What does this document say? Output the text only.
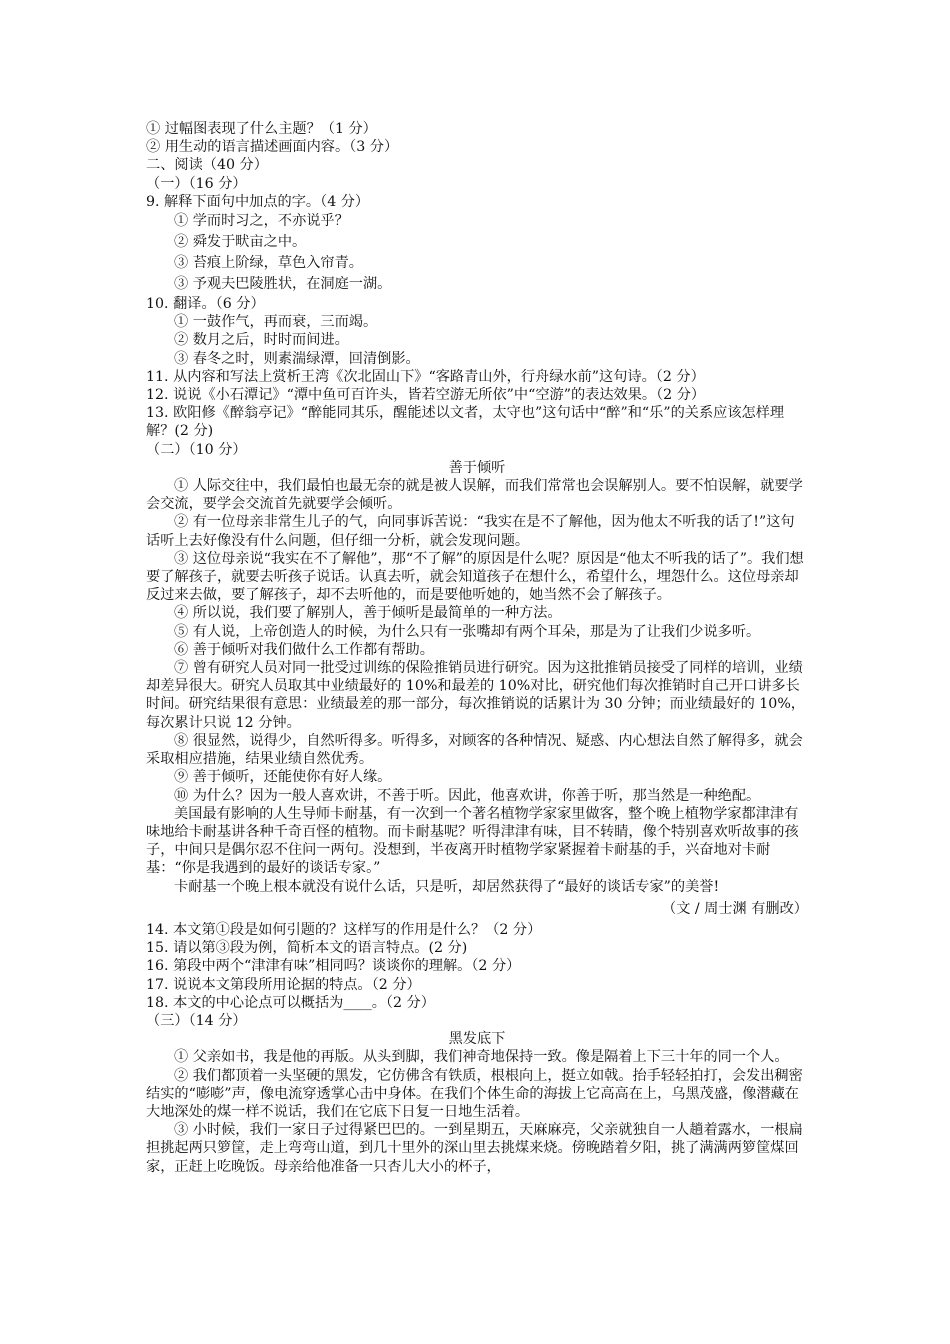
① 过幅图表现了什么主题？（1 分）
② 用生动的语言描述画面内容。（3 分）
二、阅读（40 分）
（一）（16 分）
9. 解释下面句中加点的字。（4 分）
① 学而时习之，不亦说乎？
② 舜发于畎亩之中。
③ 苔痕上阶绿，草色入帘青。
③ 予观夫巴陵胜状，在洞庭一湖。
10. 翻译。（6 分）
① 一鼓作气，再而衰，三而竭。
② 数月之后，时时而间进。
③ 春冬之时，则素湍绿潭，回清倒影。
11. 从内容和写法上赏析王湾《次北固山下》“客路青山外，行舟绿水前”这句诗。（2 分）
12. 说说《小石潭记》“潭中鱼可百许头，皆若空游无所依”中“空游”的表达效果。（2 分）
13. 欧阳修《醉翁亭记》“醉能同其乐，醒能述以文者，太守也”这句话中“醉”和“乐”的关系应该怎样理解？(2 分)
（二）（10 分）
善于倾听
① 人际交往中，我们最怕也最无奈的就是被人误解，而我们常常也会误解别人。要不怕误解，就要学会交流，要学会交流首先就要学会倾听。
② 有一位母亲非常生儿子的气，向同事诉苦说：“我实在是不了解他，因为他太不听我的话了!”这句话听上去好像没有什么问题，但仔细一分析，就会发现问题。
③ 这位母亲说“我实在不了解他”，那“不了解”的原因是什么呢？原因是“他太不听我的话了”。我们想要了解孩子，就要去听孩子说话。认真去听，就会知道孩子在想什么，希望什么，埋怨什么。这位母亲却反过来去做，要了解孩子，却不去听他的，而是要他听她的，她当然不会了解孩子。
④ 所以说，我们要了解别人，善于倾听是最简单的一种方法。
⑤ 有人说，上帝创造人的时候，为什么只有一张嘴却有两个耳朵，那是为了让我们少说多听。
⑥ 善于倾听对我们做什么工作都有帮助。
⑦ 曾有研究人员对同一批受过训练的保险推销员进行研究。因为这批推销员接受了同样的培训，业绩却差异很大。研究人员取其中业绩最好的 10%和最差的 10%对比，研究他们每次推销时自己开口讲多长时间。研究结果很有意思：业绩最差的那一部分，每次推销说的话累计为 30 分钟；而业绩最好的 10%，每次累计只说 12 分钟。
⑧ 很显然，说得少，自然听得多。听得多，对顾客的各种情况、疑惑、内心想法自然了解得多，就会采取相应措施，结果业绩自然优秀。
⑨ 善于倾听，还能使你有好人缘。
⑩ 为什么？因为一般人喜欢讲，不善于听。因此，他喜欢讲，你善于听，那当然是一种绝配。
美国最有影响的人生导师卡耐基，有一次到一个著名植物学家家里做客，整个晚上植物学家都津津有味地给卡耐基讲各种千奇百怪的植物。而卡耐基呢？听得津津有味，目不转睛，像个特别喜欢听故事的孩子，中间只是偶尔忍不住问一两句。没想到，半夜离开时植物学家紧握着卡耐基的手，兴奋地对卡耐基：“你是我遇到的最好的谈话专家。”
卡耐基一个晚上根本就没有说什么话，只是听，却居然获得了“最好的谈话专家”的美誉!
（文 / 周士渊 有删改）
14. 本文第①段是如何引题的？这样写的作用是什么？（2 分）
15. 请以第③段为例，简析本文的语言特点。(2 分)
16. 第段中两个“津津有味”相同吗？谈谈你的理解。（2 分）
17. 说说本文第段所用论据的特点。（2 分）
18. 本文的中心论点可以概括为____。（2 分）
（三）（14 分）
黑发底下
① 父亲如书，我是他的再版。从头到脚，我们神奇地保持一致。像是隔着上下三十年的同一个人。
② 我们都顶着一头坚硬的黑发，它仿佛含有铁质，根根向上，挺立如戟。抬手轻轻拍打，会发出稠密结实的“嘭嘭”声，像电流穿透掌心击中身体。在我们个体生命的海拔上它高高在上，乌黑茂盛，像潜藏在大地深处的煤一样不说话，我们在它底下日复一日地生活着。
③ 小时候，我们一家日子过得紧巴巴的。一到星期五，天麻麻亮，父亲就独自一人趟着露水，一根扁担挑起两只箩筐，走上弯弯山道，到几十里外的深山里去挑煤来烧。傍晚踏着夕阳，挑了满满两箩筐煤回家，正赶上吃晚饭。母亲给他准备一只杏儿大小的杯子，
